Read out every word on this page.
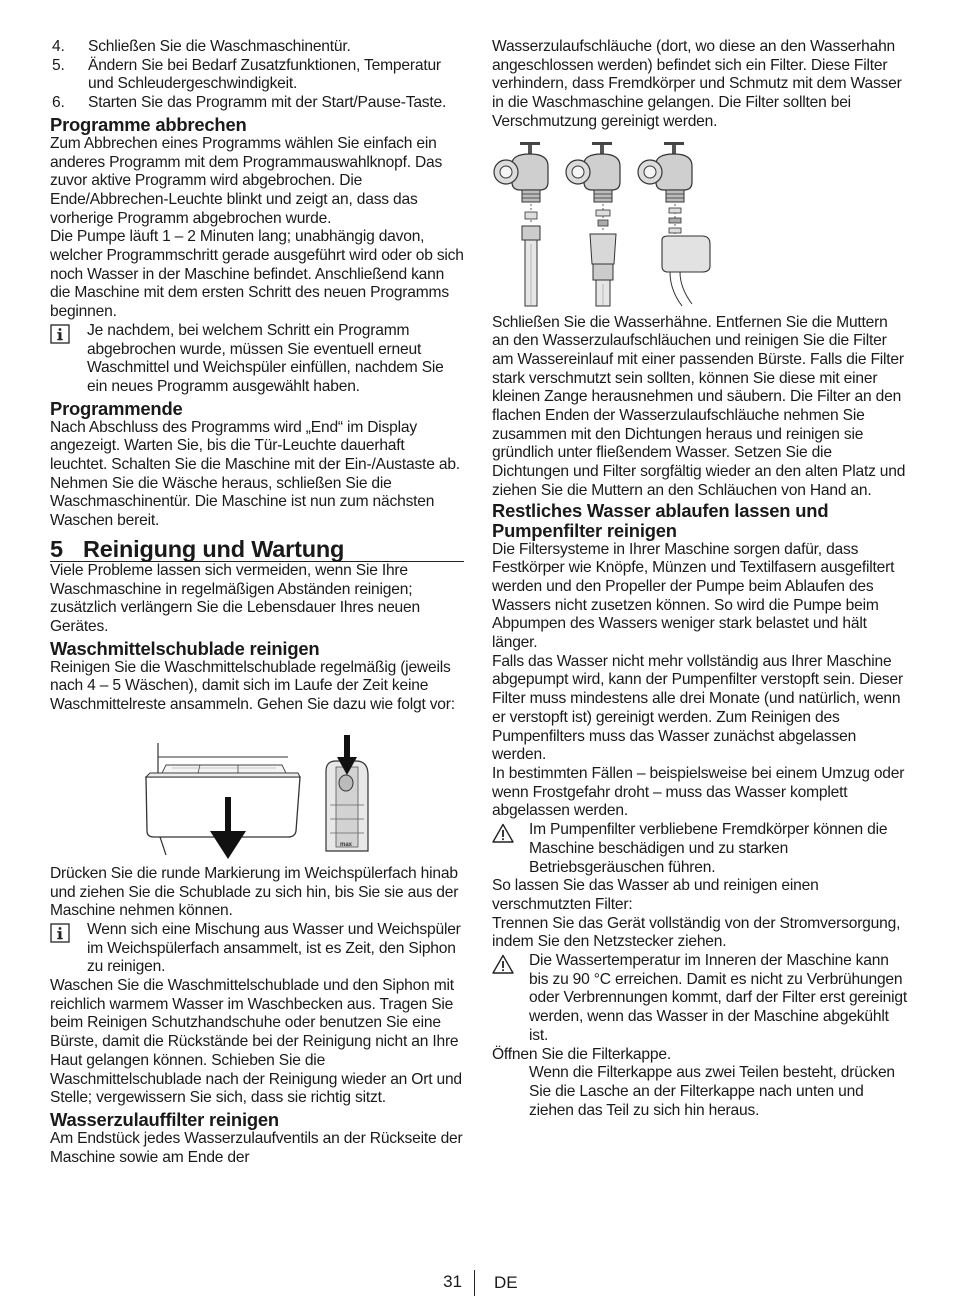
4.	Schließen Sie die Waschmaschinentür.
5.	Ändern Sie bei Bedarf Zusatzfunktionen, Temperatur und Schleudergeschwindigkeit.
6.	Starten Sie das Programm mit der Start/Pause-Taste.
Programme abbrechen

Zum Abbrechen eines Programms wählen Sie einfach ein anderes Programm mit dem Programmauswahlknopf. Das zuvor aktive Programm wird abgebrochen. Die Ende/Abbrechen-Leuchte blinkt und zeigt an, dass das vorherige Programm abgebrochen wurde.

Die Pumpe läuft 1 – 2 Minuten lang; unabhängig davon, welcher Programmschritt gerade ausgeführt wird oder ob sich noch Wasser in der Maschine befindet. Anschließend kann die Maschine mit dem ersten Schritt des neuen Programms beginnen.

Je nachdem, bei welchem Schritt ein Programm abgebrochen wurde, müssen Sie eventuell erneut Waschmittel und Weichspüler einfüllen, nachdem Sie ein neues Programm ausgewählt haben.

Programmende

Nach Abschluss des Programms wird „End“ im Display angezeigt. Warten Sie, bis die Tür-Leuchte dauerhaft leuchtet. Schalten Sie die Maschine mit der Ein-/Austaste ab. Nehmen Sie die Wäsche heraus, schließen Sie die Waschmaschinentür. Die Maschine ist nun zum nächsten Waschen bereit.

5 Reinigung und Wartung

Viele Probleme lassen sich vermeiden, wenn Sie Ihre Waschmaschine in regelmäßigen Abständen reinigen; zusätzlich verlängern Sie die Lebensdauer Ihres neuen Gerätes.

Waschmittelschublade reinigen

Reinigen Sie die Waschmittelschublade regelmäßig (jeweils nach 4 – 5 Wäschen), damit sich im Laufe der Zeit keine Waschmittelreste ansammeln. Gehen Sie dazu wie folgt vor:

max

Drücken Sie die runde Markierung im Weichspülerfach hinab und ziehen Sie die Schublade zu sich hin, bis Sie sie aus der Maschine nehmen können.

Wenn sich eine Mischung aus Wasser und Weichspüler im Weichspülerfach ansammelt, ist es Zeit, den Siphon zu reinigen.

Waschen Sie die Waschmittelschublade und den Siphon mit reichlich warmem Wasser im Waschbecken aus. Tragen Sie beim Reinigen Schutzhandschuhe oder benutzen Sie eine Bürste, damit die Rückstände bei der Reinigung nicht an Ihre Haut gelangen können. Schieben Sie die Waschmittelschublade nach der Reinigung wieder an Ort und Stelle; vergewissern Sie sich, dass sie richtig sitzt.

Wasserzulauffilter reinigen

Am Endstück jedes Wasserzulaufventils an der Rückseite der Maschine sowie am Ende der

Wasserzulaufschläuche (dort, wo diese an den Wasserhahn angeschlossen werden) befindet sich ein Filter. Diese Filter verhindern, dass Fremdkörper und Schmutz mit dem Wasser in die Waschmaschine gelangen. Die Filter sollten bei Verschmutzung gereinigt werden.

Schließen Sie die Wasserhähne. Entfernen Sie die Muttern an den Wasserzulaufschläuchen und reinigen Sie die Filter am Wassereinlauf mit einer passenden Bürste. Falls die Filter stark verschmutzt sein sollten, können Sie diese mit einer kleinen Zange herausnehmen und säubern. Die Filter an den flachen Enden der Wasserzulaufschläuche nehmen Sie zusammen mit den Dichtungen heraus und reinigen sie gründlich unter fließendem Wasser. Setzen Sie die Dichtungen und Filter sorgfältig wieder an den alten Platz und ziehen Sie die Muttern an den Schläuchen von Hand an.

Restliches Wasser ablaufen lassen und Pumpenfilter reinigen

Die Filtersysteme in Ihrer Maschine sorgen dafür, dass Festkörper wie Knöpfe, Münzen und Textilfasern ausgefiltert werden und den Propeller der Pumpe beim Ablaufen des Wassers nicht zusetzen können. So wird die Pumpe beim Abpumpen des Wassers weniger stark belastet und hält länger.

Falls das Wasser nicht mehr vollständig aus Ihrer Maschine abgepumpt wird, kann der Pumpenfilter verstopft sein. Dieser Filter muss mindestens alle drei Monate (und natürlich, wenn er verstopft ist) gereinigt werden. Zum Reinigen des Pumpenfilters muss das Wasser zunächst abgelassen werden.

In bestimmten Fällen – beispielsweise bei einem Umzug oder wenn Frostgefahr droht – muss das Wasser komplett abgelassen werden.

Im Pumpenfilter verbliebene Fremdkörper können die Maschine beschädigen und zu starken Betriebsgeräuschen führen.

So lassen Sie das Wasser ab und reinigen einen verschmutzten Filter:

Trennen Sie das Gerät vollständig von der Stromversorgung, indem Sie den Netzstecker ziehen.

Die Wassertemperatur im Inneren der Maschine kann bis zu 90 °C erreichen. Damit es nicht zu Verbrühungen oder Verbrennungen kommt, darf der Filter erst gereinigt werden, wenn das Wasser in der Maschine abgekühlt ist.

Öffnen Sie die Filterkappe.

Wenn die Filterkappe aus zwei Teilen besteht, drücken Sie die Lasche an der Filterkappe nach unten und ziehen das Teil zu sich hin heraus.

31 DE
